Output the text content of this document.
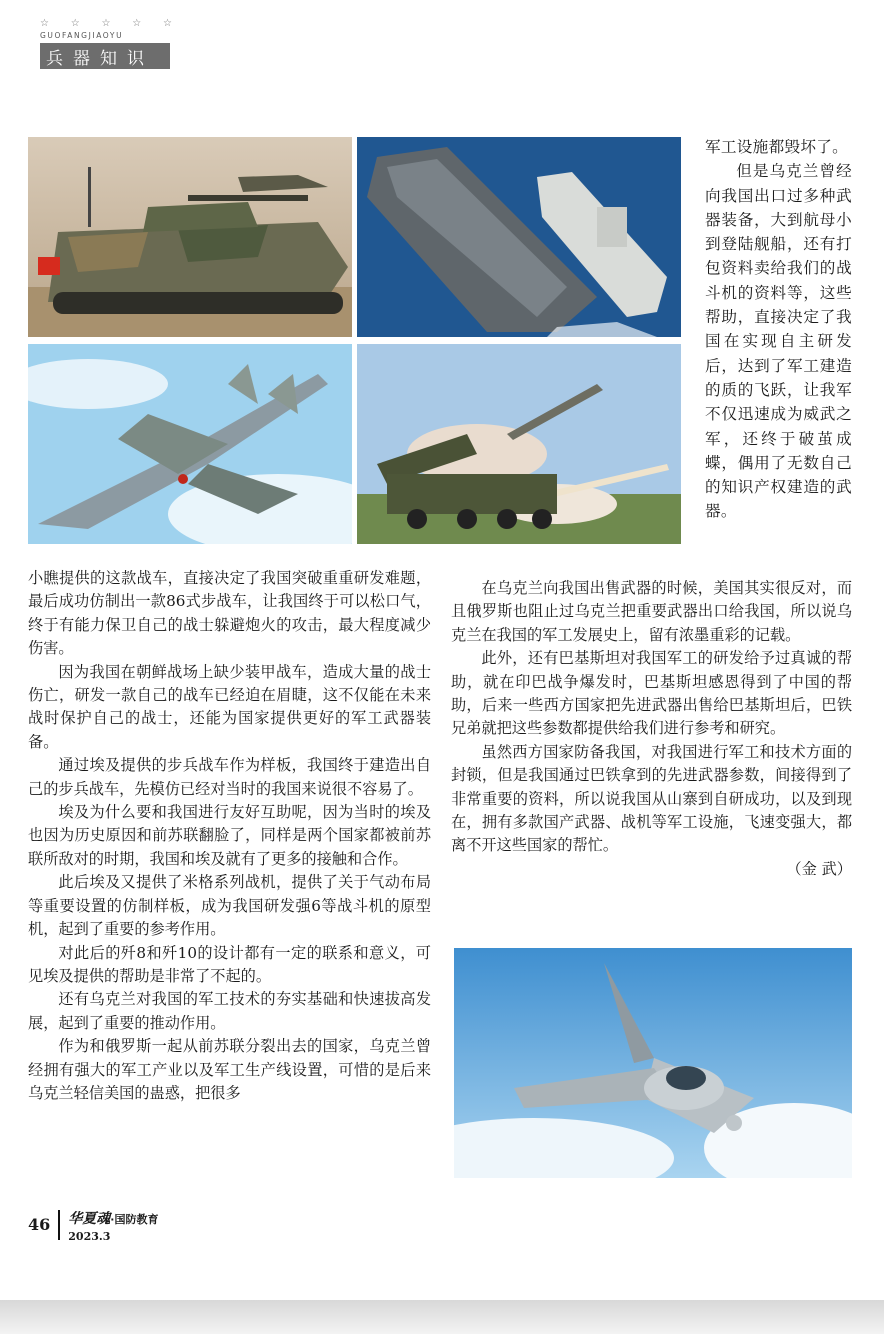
☆ ☆ ☆ ☆ ☆
GUOFANGJIAOYU
兵器知识

军工设施都毁坏了。

但是乌克兰曾经向我国出口过多种武器装备，大到航母小到登陆舰船，还有打包资料卖给我们的战斗机的资料等，这些帮助，直接决定了我国在实现自主研发后，达到了军工建造的质的飞跃，让我军不仅迅速成为威武之军，还终于破茧成蝶，偶用了无数自己的知识产权建造的武器。

小瞧提供的这款战车，直接决定了我国突破重重研发难题，最后成功仿制出一款86式步战车，让我国终于可以松口气，终于有能力保卫自己的战士躲避炮火的攻击，最大程度减少伤害。

因为我国在朝鲜战场上缺少装甲战车，造成大量的战士伤亡，研发一款自己的战车已经迫在眉睫，这不仅能在未来战时保护自己的战士，还能为国家提供更好的军工武器装备。

通过埃及提供的步兵战车作为样板，我国终于建造出自己的步兵战车，先模仿已经对当时的我国来说很不容易了。

埃及为什么要和我国进行友好互助呢，因为当时的埃及也因为历史原因和前苏联翻脸了，同样是两个国家都被前苏联所敌对的时期，我国和埃及就有了更多的接触和合作。

此后埃及又提供了米格系列战机，提供了关于气动布局等重要设置的仿制样板，成为我国研发强6等战斗机的原型机，起到了重要的参考作用。

对此后的歼8和歼10的设计都有一定的联系和意义，可见埃及提供的帮助是非常了不起的。

还有乌克兰对我国的军工技术的夯实基础和快速拔高发展，起到了重要的推动作用。

作为和俄罗斯一起从前苏联分裂出去的国家，乌克兰曾经拥有强大的军工产业以及军工生产线设置，可惜的是后来乌克兰轻信美国的蛊惑，把很多

在乌克兰向我国出售武器的时候，美国其实很反对，而且俄罗斯也阻止过乌克兰把重要武器出口给我国，所以说乌克兰在我国的军工发展史上，留有浓墨重彩的记载。

此外，还有巴基斯坦对我国军工的研发给予过真诚的帮助，就在印巴战争爆发时，巴基斯坦感恩得到了中国的帮助，后来一些西方国家把先进武器出售给巴基斯坦后，巴铁兄弟就把这些参数都提供给我们进行参考和研究。

虽然西方国家防备我国，对我国进行军工和技术方面的封锁，但是我国通过巴铁拿到的先进武器参数，间接得到了非常重要的资料，所以说我国从山寨到自研成功，以及到现在，拥有多款国产武器、战机等军工设施，飞速变强大，都离不开这些国家的帮忙。

（金 武）

46 华夏魂·国防教育
2023.3
